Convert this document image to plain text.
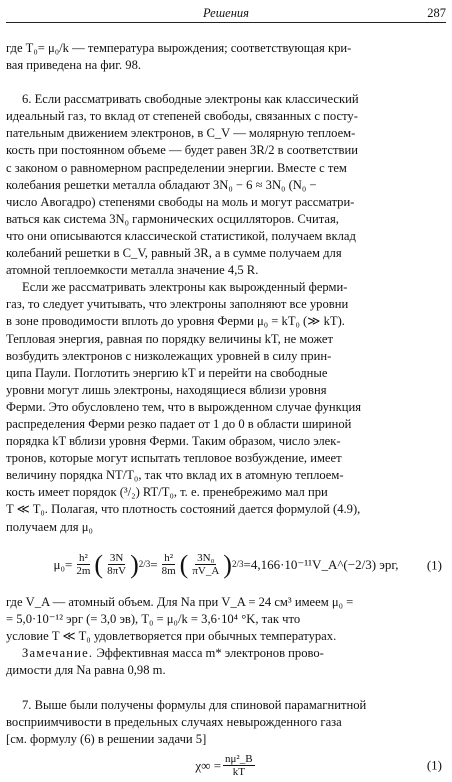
Решения	287

где T₀= μ₀/k — температура вырождения; соответствующая кри-
вая приведена на фиг. 98.

6. Если рассматривать свободные электроны как классический
идеальный газ, то вклад от степеней свободы, связанных с посту-
пательным движением электронов, в C_V — молярную теплоем-
кость при постоянном объеме — будет равен 3R/2 в соответствии
с законом о равномерном распределении энергии. Вместе с тем
колебания решетки металла обладают 3N₀ − 6 ≈ 3N₀ (N₀ −
число Авогадро) степенями свободы на моль и могут рассматри-
ваться как система 3N₀ гармонических осцилляторов. Считая,
что они описываются классической статистикой, получаем вклад
колебаний решетки в C_V, равный 3R, а в сумме получаем для
атомной теплоемкости металла значение 4,5 R.

Если же рассматривать электроны как вырожденный ферми-
газ, то следует учитывать, что электроны заполняют все уровни
в зоне проводимости вплоть до уровня Ферми μ₀ = kT₀ (≫ kT).
Тепловая энергия, равная по порядку величины kT, не может
возбудить электронов с низколежащих уровней в силу прин-
ципа Паули. Поглотить энергию kT и перейти на свободные
уровни могут лишь электроны, находящиеся вблизи уровня
Ферми. Это обусловлено тем, что в вырожденном случае функция
распределения Ферми резко падает от 1 до 0 в области шириной
порядка kT вблизи уровня Ферми. Таким образом, число элек-
тронов, которые могут испытать тепловое возбуждение, имеет
величину порядка NT/T₀, так что вклад их в атомную теплоем-
кость имеет порядок (³/₂) RT/T₀, т. е. пренебрежимо мал при
T ≪ T₀. Полагая, что плотность состояний дается формулой (4.9),
получаем для μ₀

$\mu_0= \frac{\text{h²}}{2m}$ ( $\frac{3N}{8\pi V}$ ) $2/3 = \frac{\text{h²}}{8m}$ ( $\frac{\text{3N₀}}{\pi V\_A}$ ) 2/3 =4,166·10⁻¹¹V_A^(−2/3) эрг, (1)

где V_A — атомный объем. Для Na при V_A = 24 см³ имеем μ₀ =
= 5,0·10⁻¹² эрг (= 3,0 эв), T₀ = μ₀/k = 3,6·10⁴ °K, так что
условие T ≪ T₀ удовлетворяется при обычных температурах.

Замечание. Эффективная масса m* электронов прово-
димости для Na равна 0,98 m.

7. Выше были получены формулы для спиновой парамагнитной
восприимчивости в предельных случаях невырожденного газа
[см. формулу (6) в решении задачи 5]

$\chi\infty = \frac{\text{nμ²\_B}}{kT}$	(1)
